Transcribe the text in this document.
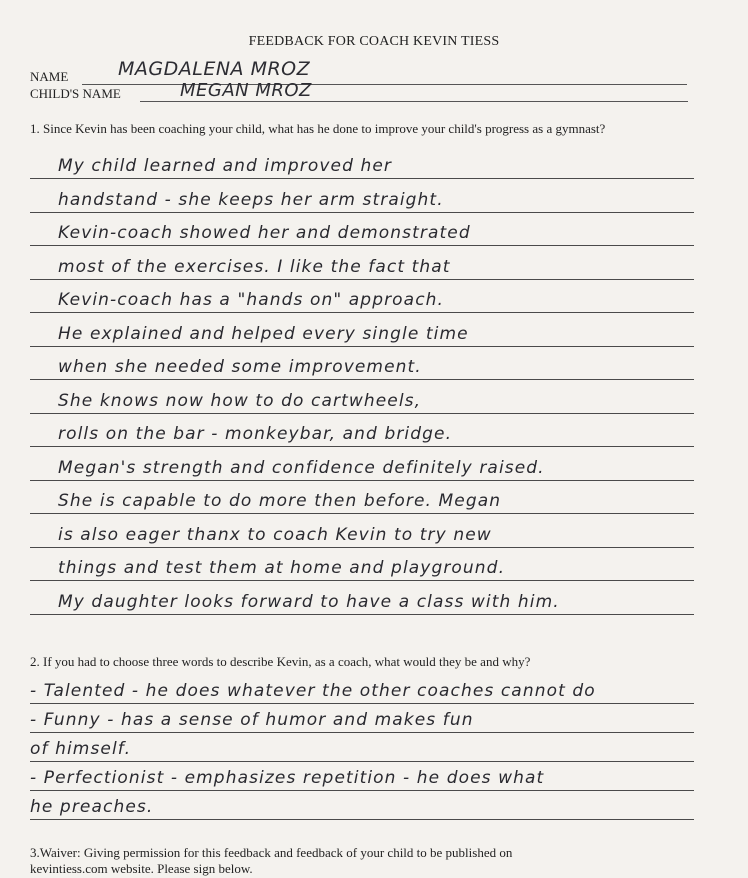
FEEDBACK FOR COACH KEVIN TIESS
NAME	MAGDALENA MROZ
CHILD'S NAME	MEGAN MROZ
1. Since Kevin has been coaching your child, what has he done to improve your child's progress as a gymnast?
My child learned and improved her
handstand - she keeps her arm straight.
Kevin-coach showed her and demonstrated
most of the exercises. I like the fact that
Kevin-coach has a "hands on" approach.
He explained and helped every single time
when she needed some improvement.
She knows now how to do cartwheels,
rolls on the bar - monkeybar, and bridge.
Megan's strength and confidence definitely raised.
She is capable to do more then before. Megan
is also eager thanx to coach Kevin to try new
things and test them at home and playground.
My daughter looks forward to have a class with him.
2. If you had to choose three words to describe Kevin, as a coach, what would they be and why?
- Talented - he does whatever the other coaches cannot do
- Funny - has a sense of humor and makes fun
of himself.
- Perfectionist - emphasizes repetition - he does what
he preaches.
3.Waiver: Giving permission for this feedback and feedback of your child to be published on
kevintiess.com website. Please sign below.
